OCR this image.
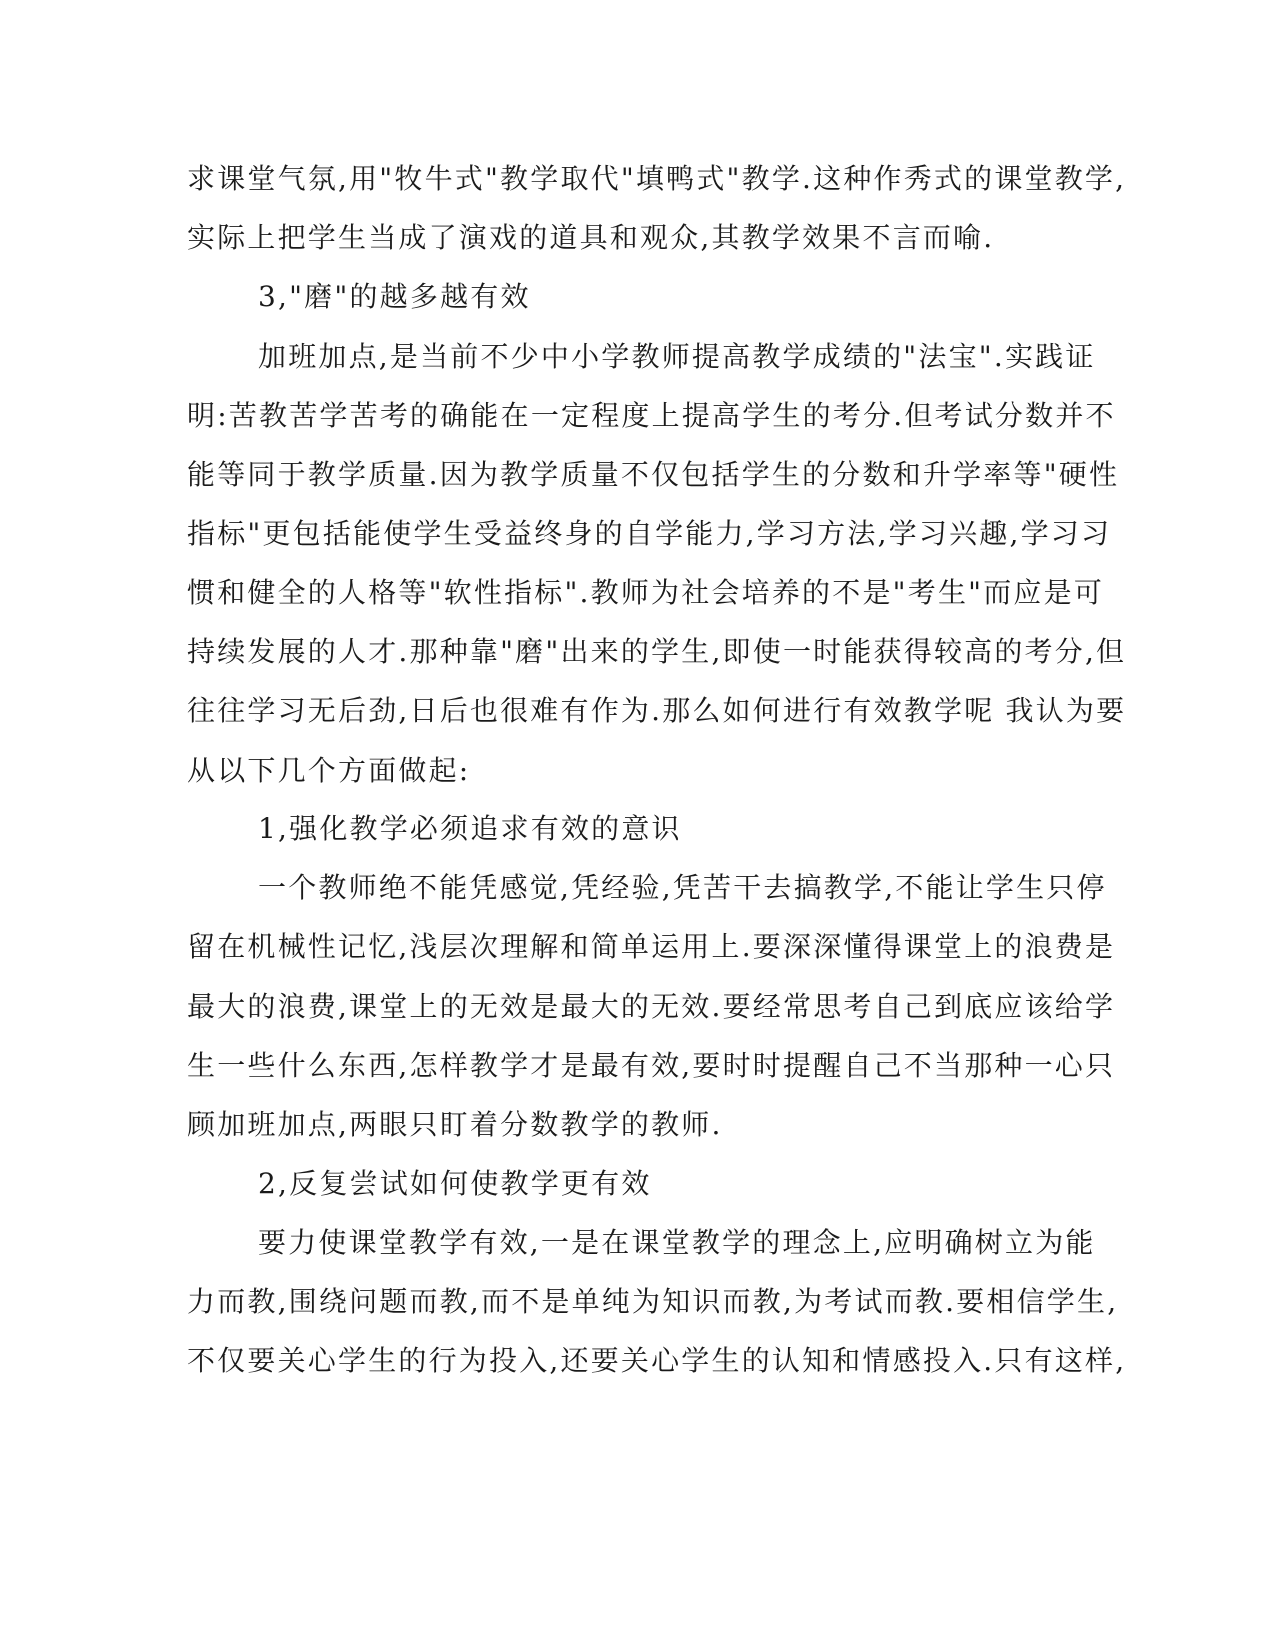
求课堂气氛,用"牧牛式"教学取代"填鸭式"教学.这种作秀式的课堂教学,
实际上把学生当成了演戏的道具和观众,其教学效果不言而喻.
3,"磨"的越多越有效
加班加点,是当前不少中小学教师提高教学成绩的"法宝".实践证
明:苦教苦学苦考的确能在一定程度上提高学生的考分.但考试分数并不
能等同于教学质量.因为教学质量不仅包括学生的分数和升学率等"硬性
指标"更包括能使学生受益终身的自学能力,学习方法,学习兴趣,学习习
惯和健全的人格等"软性指标".教师为社会培养的不是"考生"而应是可
持续发展的人才.那种靠"磨"出来的学生,即使一时能获得较高的考分,但
往往学习无后劲,日后也很难有作为.那么如何进行有效教学呢 我认为要
从以下几个方面做起:
1,强化教学必须追求有效的意识
一个教师绝不能凭感觉,凭经验,凭苦干去搞教学,不能让学生只停
留在机械性记忆,浅层次理解和简单运用上.要深深懂得课堂上的浪费是
最大的浪费,课堂上的无效是最大的无效.要经常思考自己到底应该给学
生一些什么东西,怎样教学才是最有效,要时时提醒自己不当那种一心只
顾加班加点,两眼只盯着分数教学的教师.
2,反复尝试如何使教学更有效
要力使课堂教学有效,一是在课堂教学的理念上,应明确树立为能
力而教,围绕问题而教,而不是单纯为知识而教,为考试而教.要相信学生,
不仅要关心学生的行为投入,还要关心学生的认知和情感投入.只有这样,
